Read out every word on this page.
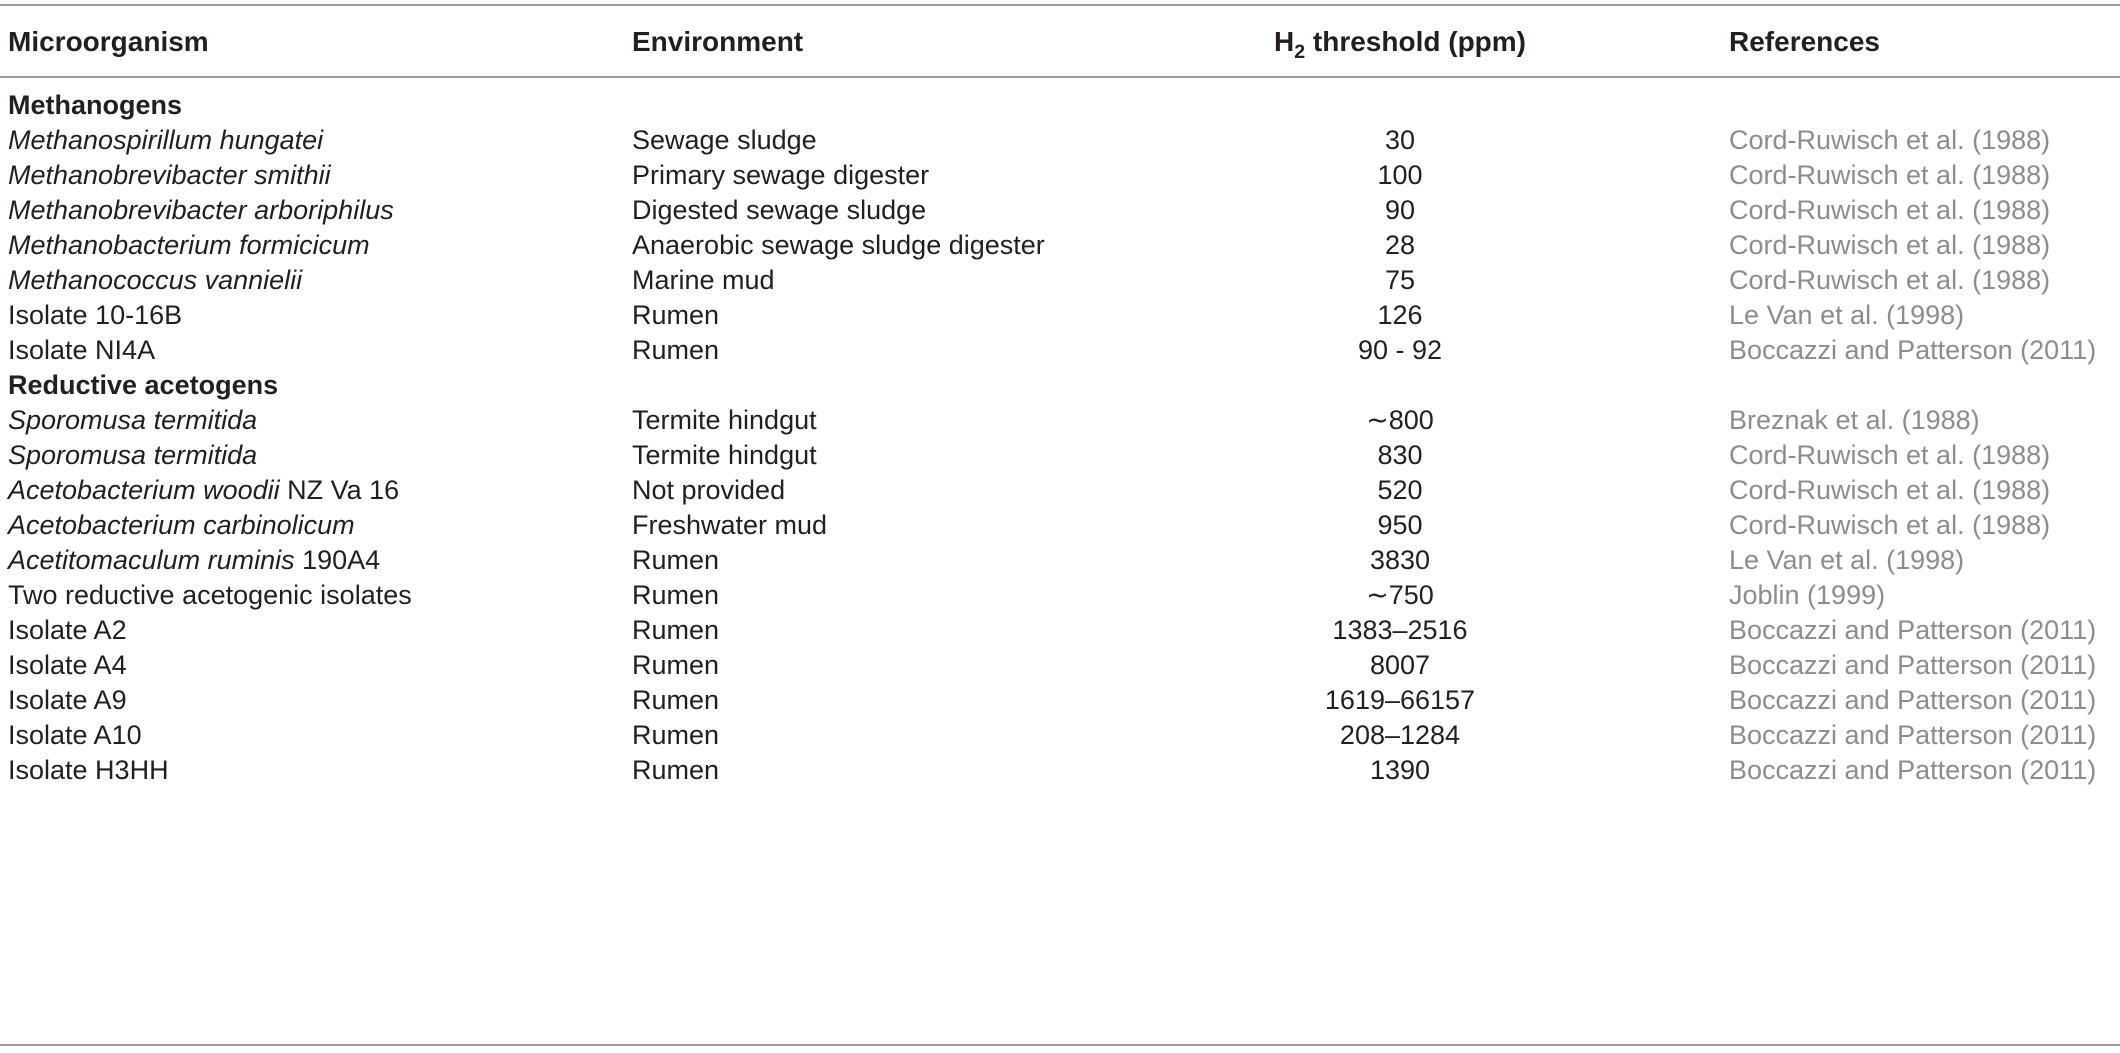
Microorganism	Environment	$H_2$ threshold (ppm)	References
Methanogens
Methanospirillum hungatei	Sewage sludge	30	Cord-Ruwisch et al. (1988)
Methanobrevibacter smithii	Primary sewage digester	100	Cord-Ruwisch et al. (1988)
Methanobrevibacter arboriphilus	Digested sewage sludge	90	Cord-Ruwisch et al. (1988)
Methanobacterium formicicum	Anaerobic sewage sludge digester	28	Cord-Ruwisch et al. (1988)
Methanococcus vannielii	Marine mud	75	Cord-Ruwisch et al. (1988)
Isolate 10-16B	Rumen	126	Le Van et al. (1998)
Isolate NI4A	Rumen	90 - 92	Boccazzi and Patterson (2011)
Reductive acetogens
Sporomusa termitida	Termite hindgut	∼800	Breznak et al. (1988)
Sporomusa termitida	Termite hindgut	830	Cord-Ruwisch et al. (1988)
Acetobacterium woodii NZ Va 16	Not provided	520	Cord-Ruwisch et al. (1988)
Acetobacterium carbinolicum	Freshwater mud	950	Cord-Ruwisch et al. (1988)
Acetitomaculum ruminis 190A4	Rumen	3830	Le Van et al. (1998)
Two reductive acetogenic isolates	Rumen	∼750	Joblin (1999)
Isolate A2	Rumen	1383–2516	Boccazzi and Patterson (2011)
Isolate A4	Rumen	8007	Boccazzi and Patterson (2011)
Isolate A9	Rumen	1619–66157	Boccazzi and Patterson (2011)
Isolate A10	Rumen	208–1284	Boccazzi and Patterson (2011)
Isolate H3HH	Rumen	1390	Boccazzi and Patterson (2011)
